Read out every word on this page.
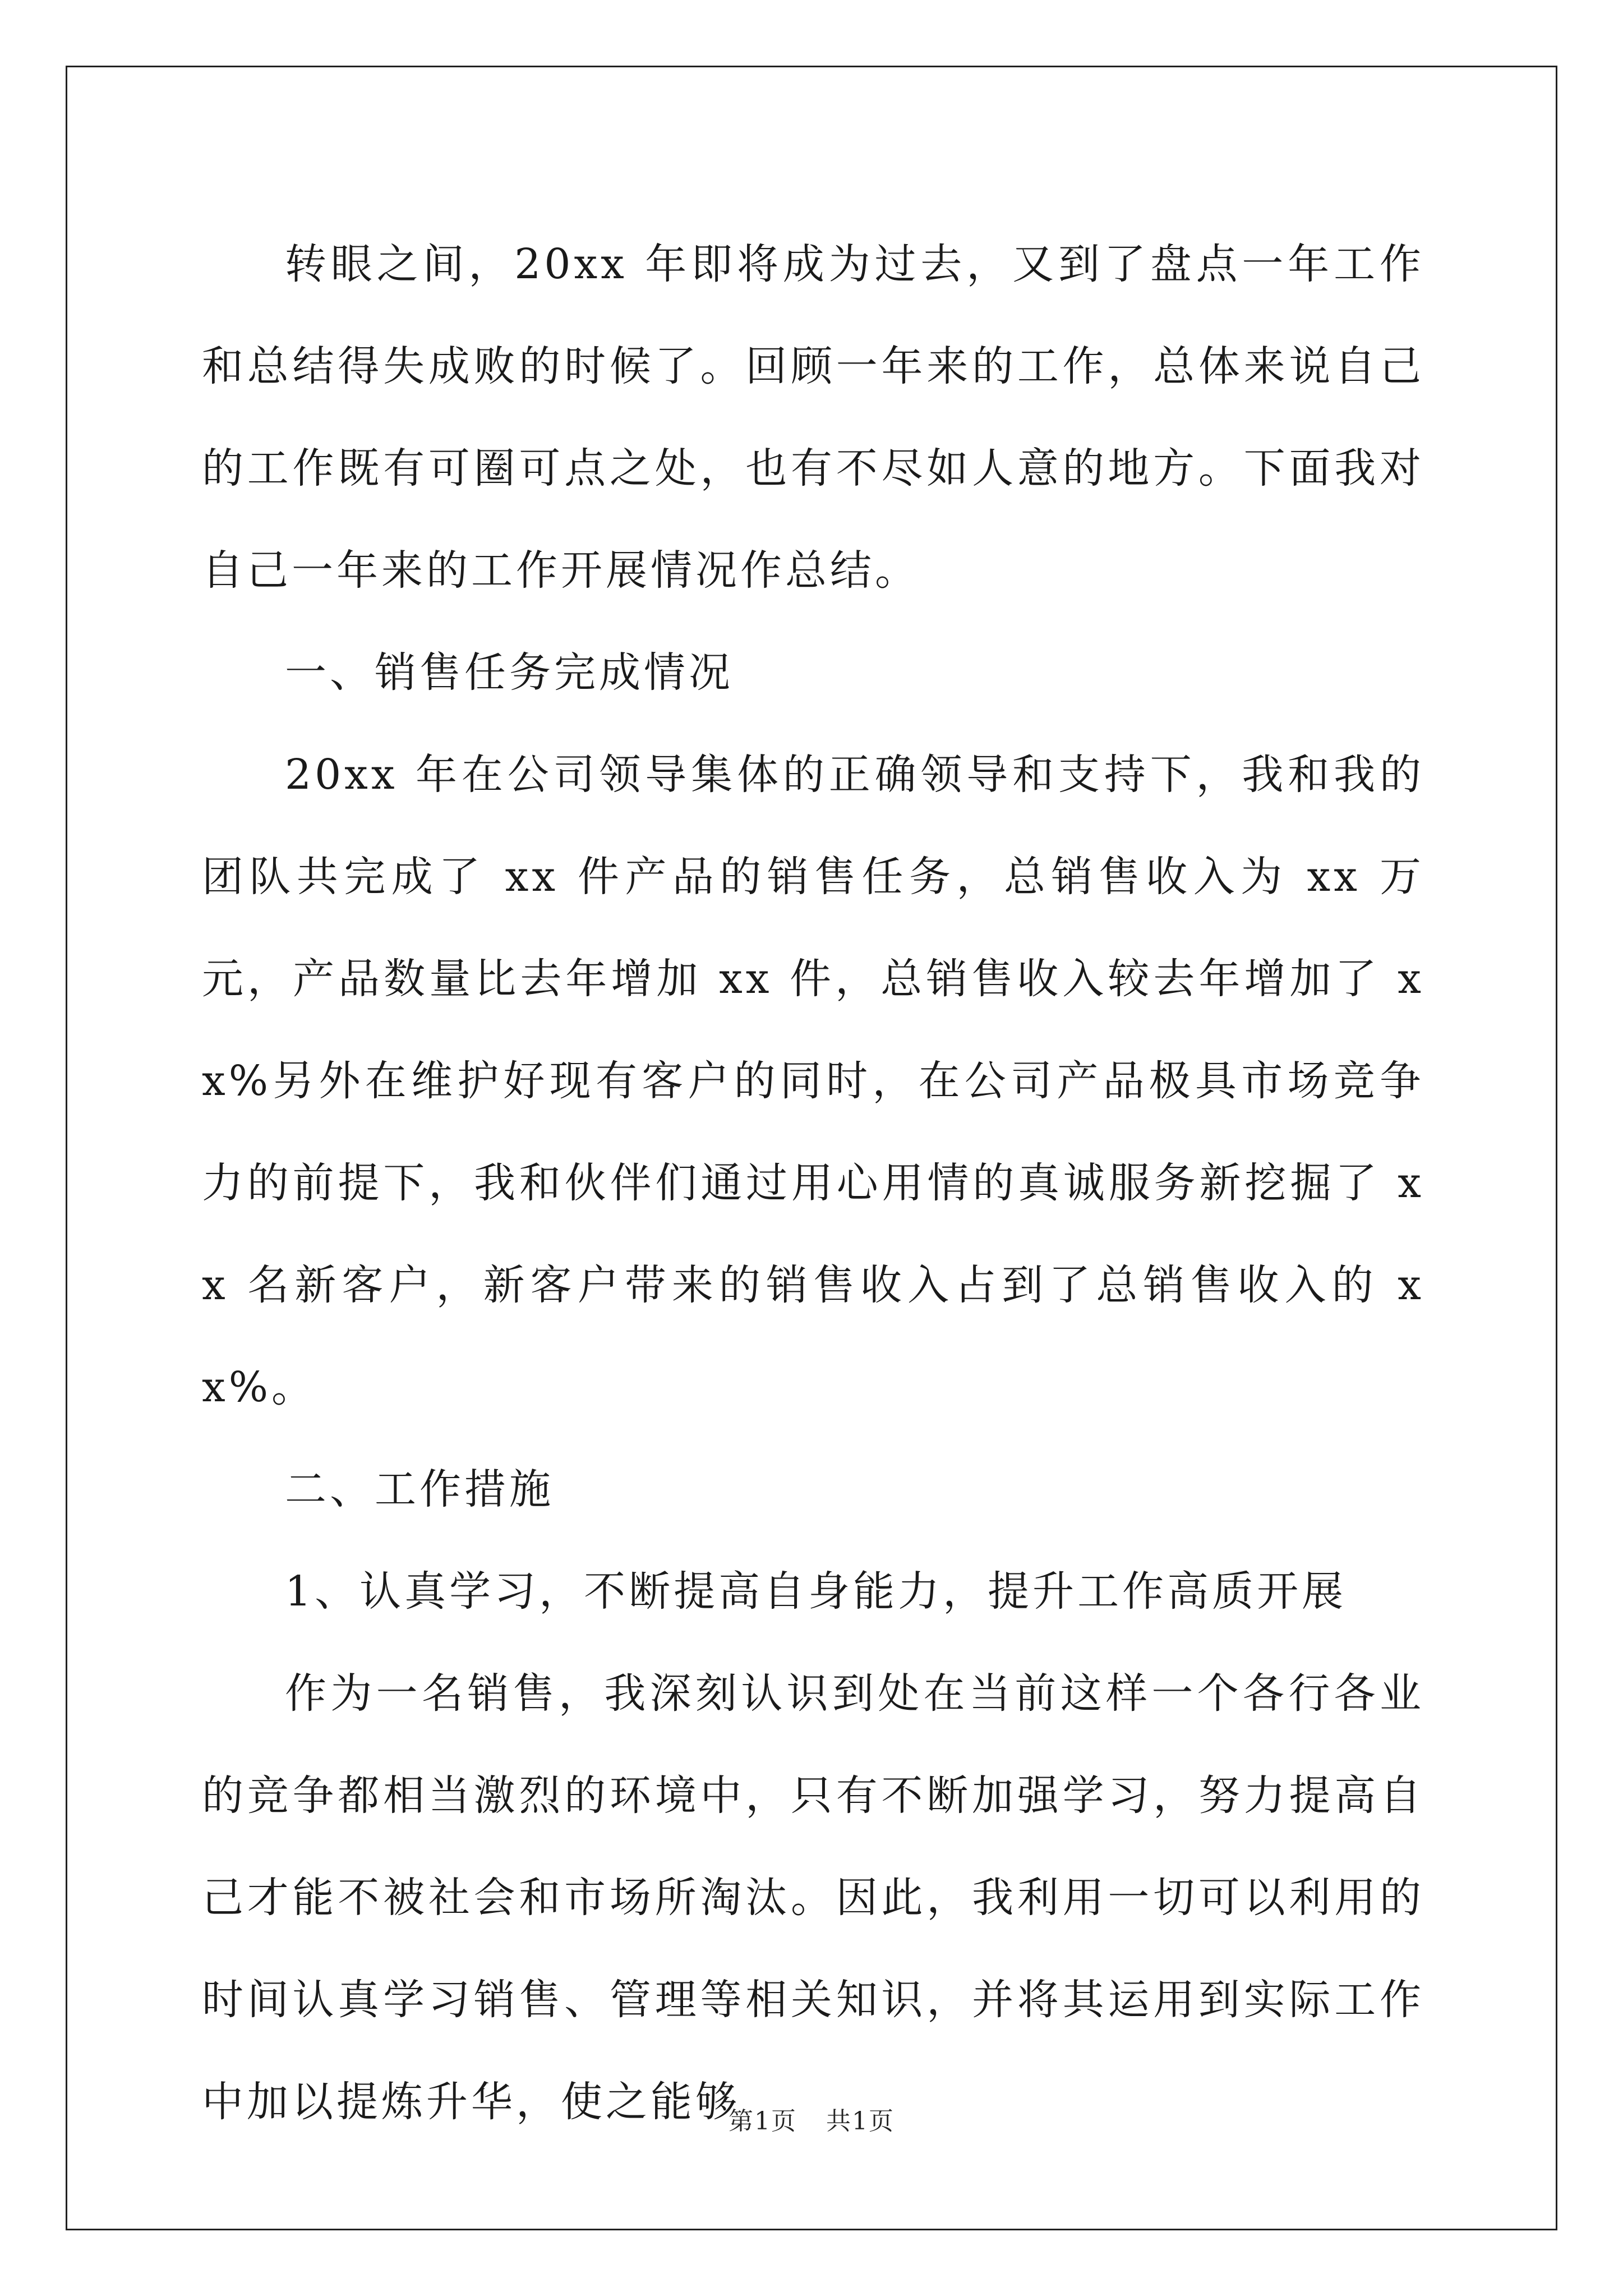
转眼之间，20xx 年即将成为过去，又到了盘点一年工作和总结得失成败的时候了。回顾一年来的工作，总体来说自己的工作既有可圈可点之处，也有不尽如人意的地方。下面我对自己一年来的工作开展情况作总结。

一、销售任务完成情况

20xx 年在公司领导集体的正确领导和支持下，我和我的团队共完成了 xx 件产品的销售任务，总销售收入为 xx 万元，产品数量比去年增加 xx 件，总销售收入较去年增加了 xx%另外在维护好现有客户的同时，在公司产品极具市场竞争力的前提下，我和伙伴们通过用心用情的真诚服务新挖掘了 xx 名新客户，新客户带来的销售收入占到了总销售收入的 xx%。

二、工作措施

1、认真学习，不断提高自身能力，提升工作高质开展

作为一名销售，我深刻认识到处在当前这样一个各行各业的竞争都相当激烈的环境中，只有不断加强学习，努力提高自己才能不被社会和市场所淘汰。因此，我利用一切可以利用的时间认真学习销售、管理等相关知识，并将其运用到实际工作中加以提炼升华，使之能够

第1页 共1页
